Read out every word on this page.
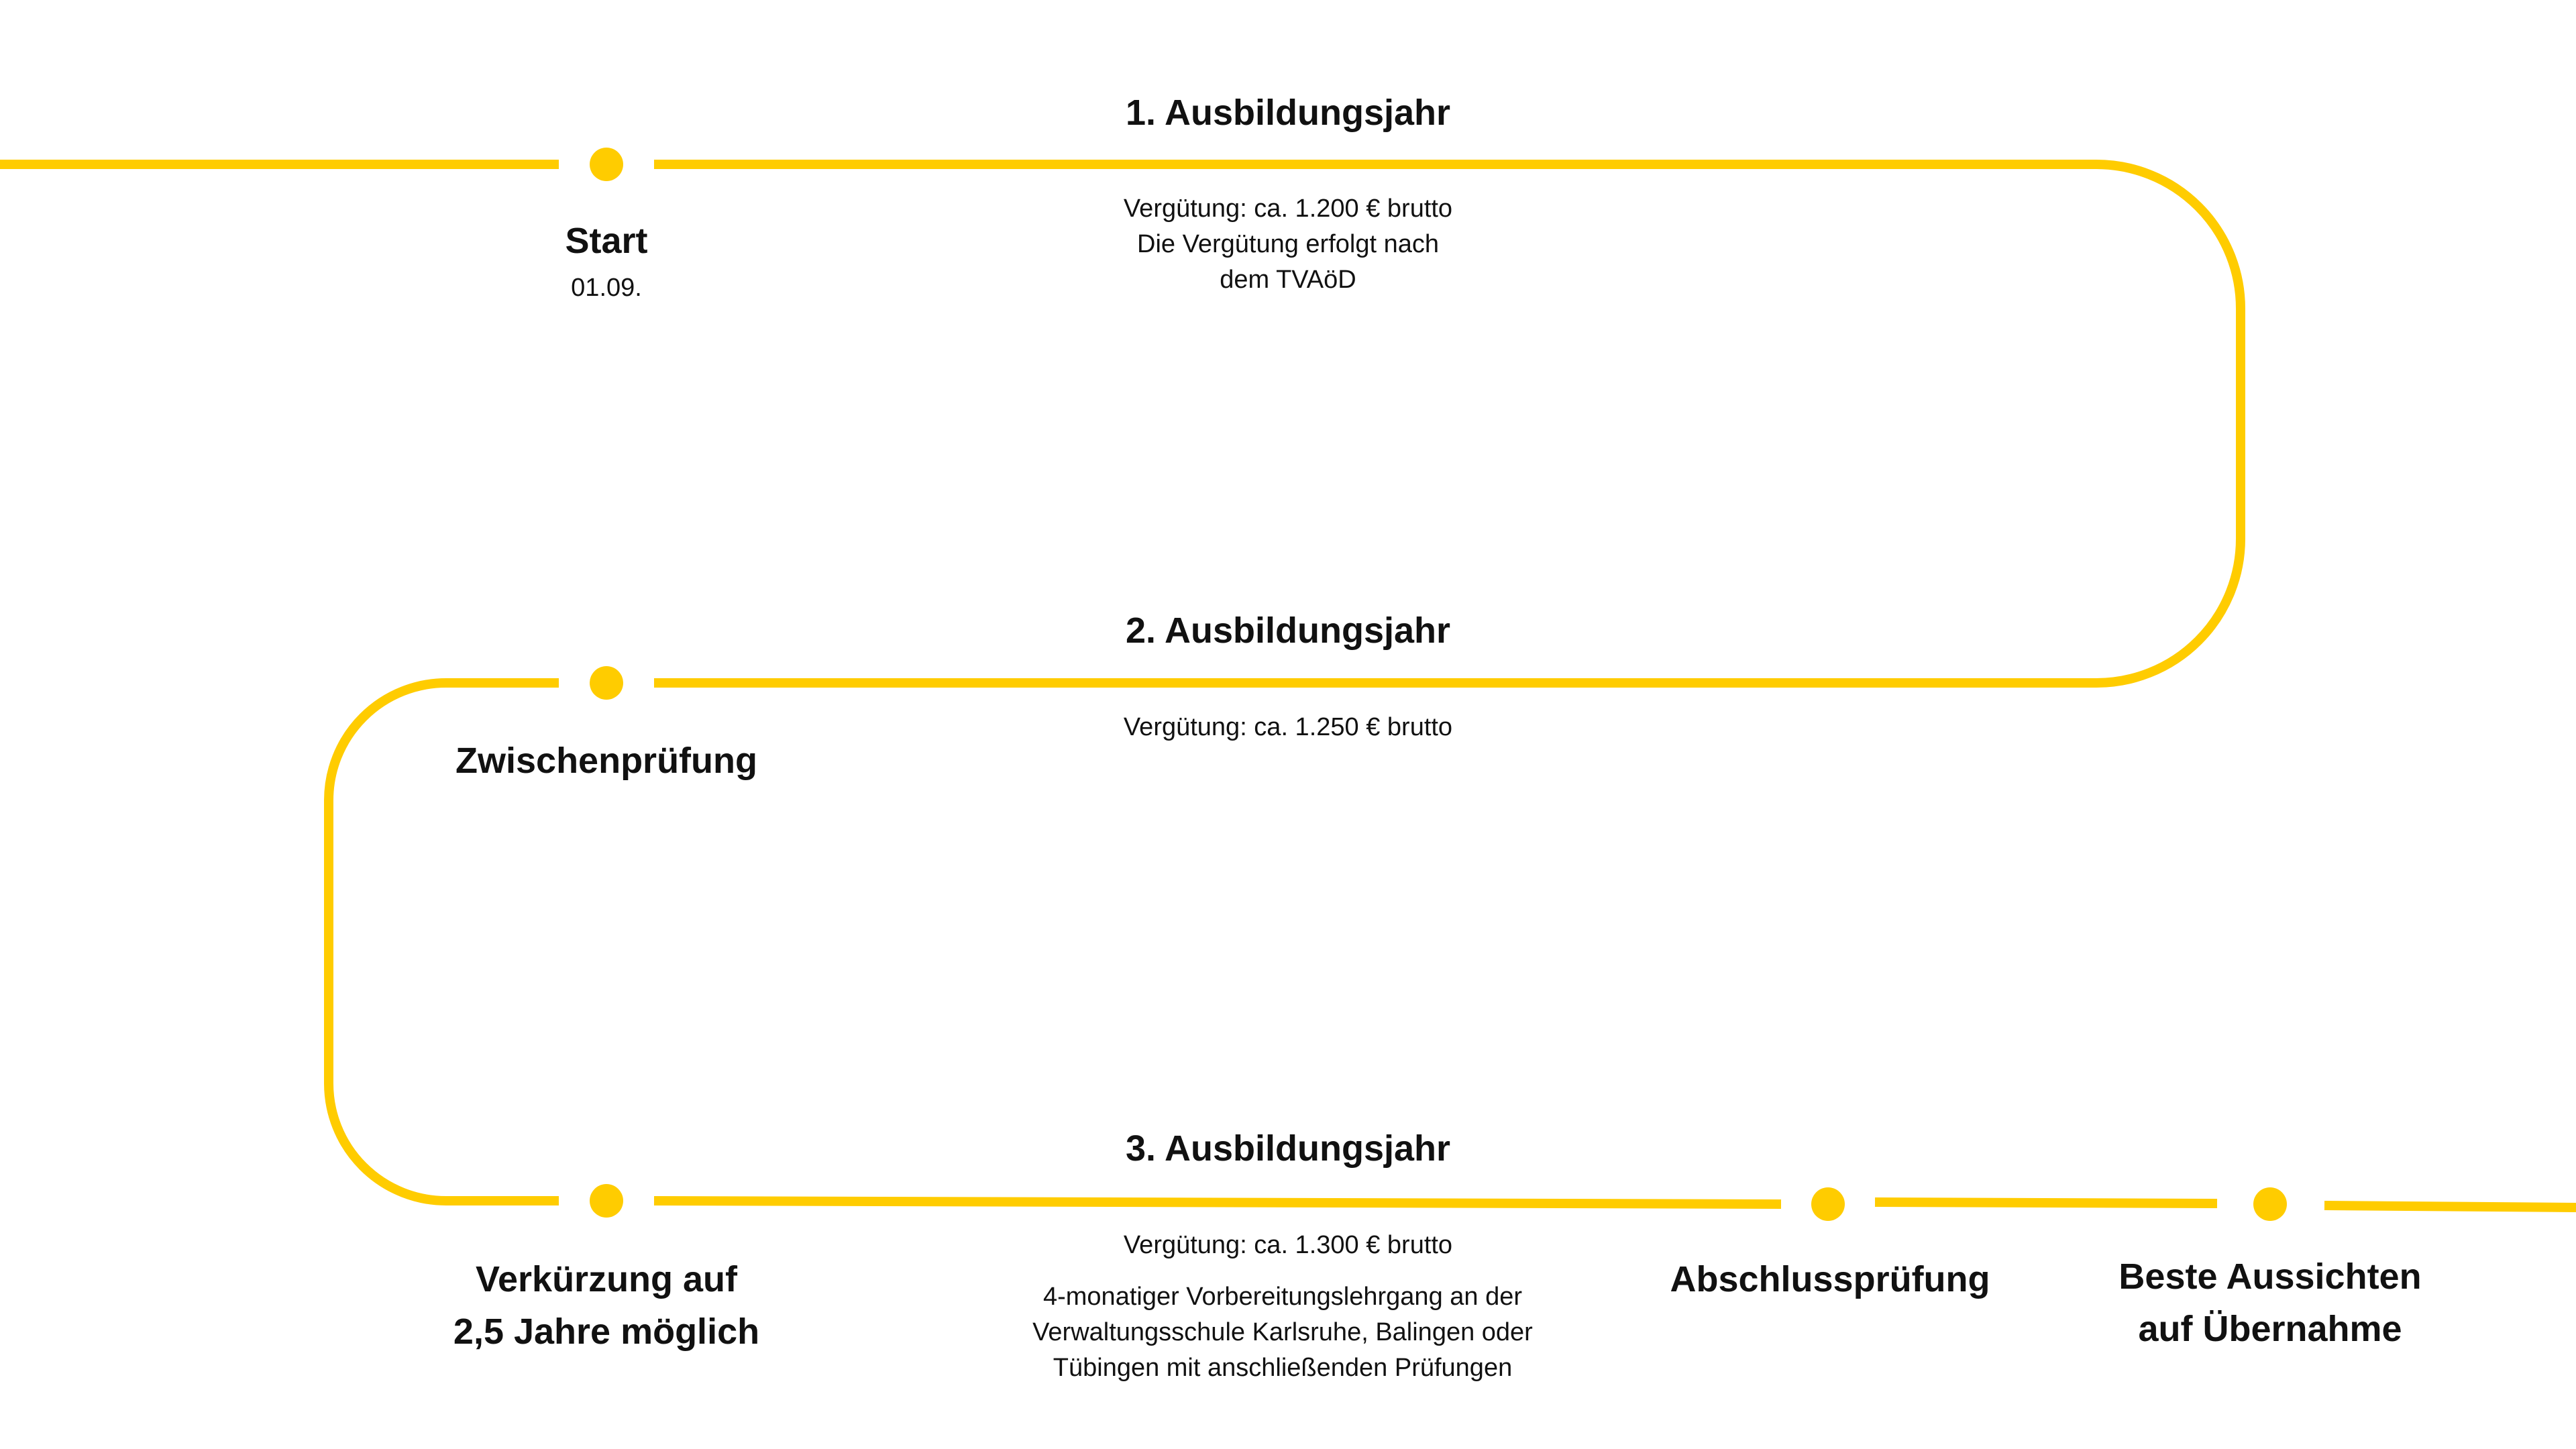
1. Ausbildungsjahr
Vergütung: ca. 1.200 € brutto
Die Vergütung erfolgt nach
dem TVAöD
Start
01.09.
2. Ausbildungsjahr
Vergütung: ca. 1.250 € brutto
Zwischenprüfung
3. Ausbildungsjahr
Vergütung: ca. 1.300 € brutto
4-monatiger Vorbereitungslehrgang an der
Verwaltungsschule Karlsruhe, Balingen oder
Tübingen mit anschließenden Prüfungen
Verkürzung auf
2,5 Jahre möglich
Abschlussprüfung	Beste Aussichten
auf Übernahme
